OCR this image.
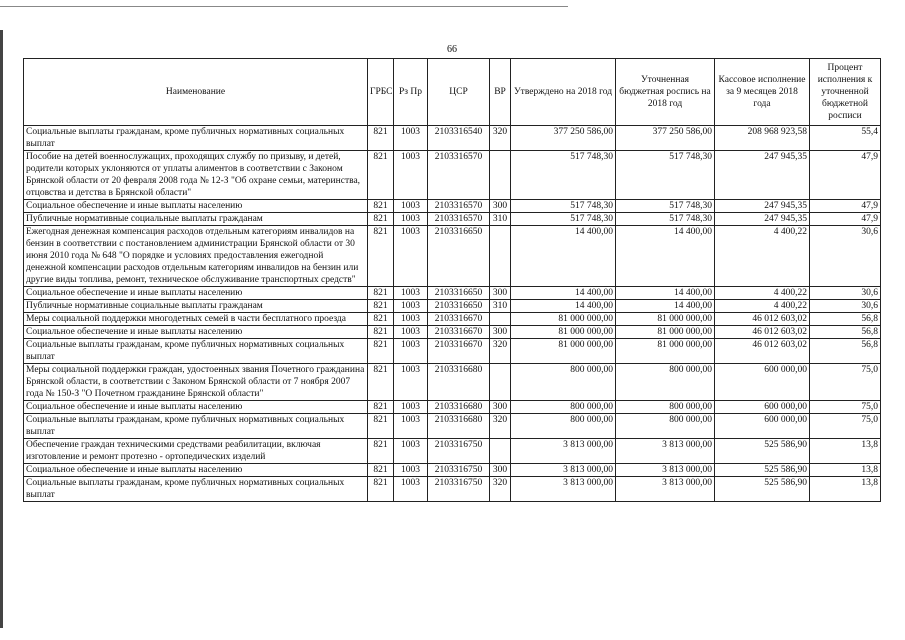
66
Наименование	ГРБС	Рз Пр	ЦСР	ВР	Утверждено на 2018 год	Уточненная бюджетная роспись на 2018 год	Кассовое исполнение за 9 месяцев 2018 года	Процент исполнения к уточненной бюджетной росписи
Социальные выплаты гражданам, кроме публичных нормативных социальных выплат	821	1003	2103316540	320	377 250 586,00	377 250 586,00	208 968 923,58	55,4
Пособие на детей военнослужащих, проходящих службу по призыву, и детей, родители которых уклоняются от уплаты алиментов в соответствии с Законом Брянской области от 20 февраля 2008 года № 12-З "Об охране семьи, материнства, отцовства и детства в Брянской области"	821	1003	2103316570		517 748,30	517 748,30	247 945,35	47,9
Социальное обеспечение и иные выплаты населению	821	1003	2103316570	300	517 748,30	517 748,30	247 945,35	47,9
Публичные нормативные социальные выплаты гражданам	821	1003	2103316570	310	517 748,30	517 748,30	247 945,35	47,9
Ежегодная денежная компенсация расходов отдельным категориям инвалидов на бензин в соответствии с постановлением администрации Брянской области от 30 июня 2010 года № 648 "О порядке и условиях предоставления ежегодной денежной компенсации расходов отдельным категориям инвалидов на бензин или другие виды топлива, ремонт, техническое обслуживание транспортных средств"	821	1003	2103316650		14 400,00	14 400,00	4 400,22	30,6
Социальное обеспечение и иные выплаты населению	821	1003	2103316650	300	14 400,00	14 400,00	4 400,22	30,6
Публичные нормативные социальные выплаты гражданам	821	1003	2103316650	310	14 400,00	14 400,00	4 400,22	30,6
Меры социальной поддержки многодетных семей в части бесплатного проезда	821	1003	2103316670		81 000 000,00	81 000 000,00	46 012 603,02	56,8
Социальное обеспечение и иные выплаты населению	821	1003	2103316670	300	81 000 000,00	81 000 000,00	46 012 603,02	56,8
Социальные выплаты гражданам, кроме публичных нормативных социальных выплат	821	1003	2103316670	320	81 000 000,00	81 000 000,00	46 012 603,02	56,8
Меры социальной поддержки граждан, удостоенных звания Почетного гражданина Брянской области, в соответствии с Законом Брянской области от 7 ноября 2007 года № 150-З "О Почетном гражданине Брянской области"	821	1003	2103316680		800 000,00	800 000,00	600 000,00	75,0
Социальное обеспечение и иные выплаты населению	821	1003	2103316680	300	800 000,00	800 000,00	600 000,00	75,0
Социальные выплаты гражданам, кроме публичных нормативных социальных выплат	821	1003	2103316680	320	800 000,00	800 000,00	600 000,00	75,0
Обеспечение граждан техническими средствами реабилитации, включая изготовление и ремонт протезно - ортопедических изделий	821	1003	2103316750		3 813 000,00	3 813 000,00	525 586,90	13,8
Социальное обеспечение и иные выплаты населению	821	1003	2103316750	300	3 813 000,00	3 813 000,00	525 586,90	13,8
Социальные выплаты гражданам, кроме публичных нормативных социальных выплат	821	1003	2103316750	320	3 813 000,00	3 813 000,00	525 586,90	13,8
